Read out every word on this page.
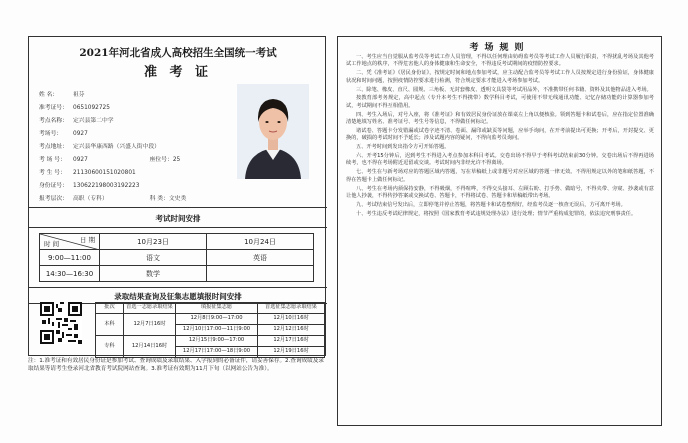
2021年河北省成人高校招生全国统一考试
准 考 证
姓 名：	祖芬
准考证号： 0651092725
考点名称： 定兴县第二中学
考场号： 0927
考点地址： 定兴县华康西路（兴盛人街中段）
考 场 号： 0927	座位号：25
考 生 号： 21130600151020801
身份证号： 130622198003192223
报考层次： 高职（专科）	科 类：文史类
考试时间安排
日 期
时 间	10月23日	10月24日
9:00—11:00	语文	英语
14:30—16:30	数学	
录取结果查询及征集志愿填报时间安排
批次	首选一志愿录取结果	填报征集志愿	首选征集志愿录取结果
本科	12月7日16时	12月8日9:00—17:00	12月10日16时
		12月10日17:00—11日9:00	12月12日16时
专科	12月14日16时	12月15日9:00—17:00	12月17日16时
		12月17日17:00—18日9:00	12月19日16时
注：1.准考证和有效居民身份证是参加考试、查询成绩及录取结果、入学报到的必备证件，请妥善保存。2.查询成绩及录取结果等请考生登录河北省教育考试院网站查询。3.准考证有效期为11月下旬（以网站公告为准）。
考场规则

一、考生应当自觉服从监考员等考试工作人员管理，不得以任何理由妨碍监考员等考试工作人员履行职责，不得扰乱考场及其他考试工作地点的秩序，不得危害他人的身体健康和生命安全，不得违反考试期间的疫情防控要求。

二、凭《准考证》《居民身份证》，按规定时间和地点参加考试，应主动配合监考员等考试工作人员按规定进行身份验证，身体健康状况和时间问题，按照疫情防控要求进行检测，符合规定要求才能进入考场参加考试。

三、除笔、橡皮、直尺、圆规、三角板、无封套橡皮、透明文具袋等考试用品外，不准携带任何书籍、资料及其他物品进入考场。

按教育部考务规定，高中起点（专升本考生不得携带）数学科目考试，可使用不带无线通讯功能、记忆存储功能的计算器参加考试，考试期间不得互相借用。

四、考生入场后，对号入座，将《准考证》和有效居民身份证放在课桌左上角以便核验。领到答题卡和试卷后，应在指定位置准确清楚地填写姓名、准考证号、考生号等信息，不得做任何标记。

诸试卷、答题卡分发错漏或试卷字迹不清、卷面、漏印或缺页等问题，应举手询问，在开考前提出可更换；开考后，开封提交、更换的，破损的考试时间不予延长；涉及试题内容的疑问，不得向监考员询问。

五、开考时间到发出指令方可开始答题。

六、开考15分钟后，迟到考生不得进入考点参加本科目考试。交卷出场不得早于考科考试结束前30分钟。交卷出场后不得再进场续考，也不得在考场附近逗留或交谈。考试时间内非经允许不得离场。

七、考生在与新考场对应的答题区域内答题，写在草稿纸上或非题号对应区域的答题一律无效。不得用规定以外的笔和纸答题，不得在答题卡上做任何标记。

八、考生在考场内须保持安静，不得吸烟，不得喧哗，不得交头接耳、左顾右盼、打手势、做暗号，不得夹带、旁窥、抄袭或有意让他人抄袭，不得传抄答案或交换试卷、答题卡，不得将试卷、答题卡和草稿纸带出考场。

九、考试结束信号发出后，立即停笔并停止答题，将答题卡和试卷整理好，经监考员逐一核查无误后，方可离开考场。

十、考生违反考试纪律规定，将按照《国家教育考试违规处理办法》进行处理；情节严重构成犯罪的，依法追究刑事责任。
